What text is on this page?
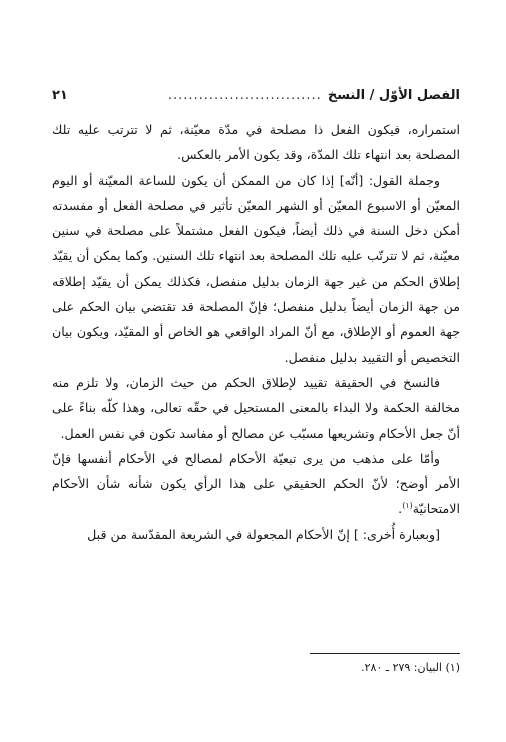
الفصل الأوّل / النسخ
..............................
٢١

استمراره، فيكون الفعل ذا مصلحة في مدّة معيّنة، ثم لا تترتب عليه تلك المصلحة بعد انتهاء تلك المدّة، وقد يكون الأمر بالعكس.

وجملة القول: [أنّه] إذا كان من الممكن أن يكون للساعة المعيّنة أو اليوم المعيّن أو الاسبوع المعيّن أو الشهر المعيّن تأثير في مصلحة الفعل أو مفسدته أمكن دخل السنة في ذلك أيضاً، فيكون الفعل مشتملاً على مصلحة في سنين معيّنة، ثم لا تترتّب عليه تلك المصلحة بعد انتهاء تلك السنين. وكما يمكن أن يقيّد إطلاق الحكم من غير جهة الزمان بدليل منفصل، فكذلك يمكن أن يقيّد إطلاقه من جهة الزمان أيضاً بدليل منفصل؛ فإنّ المصلحة قد تقتضي بيان الحكم على جهة العموم أو الإطلاق، مع أنّ المراد الواقعي هو الخاص أو المقيّد، ويكون بيان التخصيص أو التقييد بدليل منفصل.

فالنسخ في الحقيقة تقييد لإطلاق الحكم من حيث الزمان، ولا تلزم منه مخالفة الحكمة ولا البداء بالمعنى المستحيل في حقّه تعالى، وهذا كلّه بناءً على أنّ جعل الأحكام وتشريعها مسبّب عن مصالح أو مفاسد تكون في نفس العمل.

وأمّا على مذهب من يرى تبعيّة الأحكام لمصالح في الأحكام أنفسها فإنّ الأمر أوضح؛ لأنّ الحكم الحقيقي على هذا الرأي يكون شأنه شأن الأحكام الامتحانيّة$^{(١)}$.

[وبعبارة أُخرى: ] إنّ الأحكام المجعولة في الشريعة المقدّسة من قبل

(١) البيان: ٢٧٩ ـ ٢٨٠.
